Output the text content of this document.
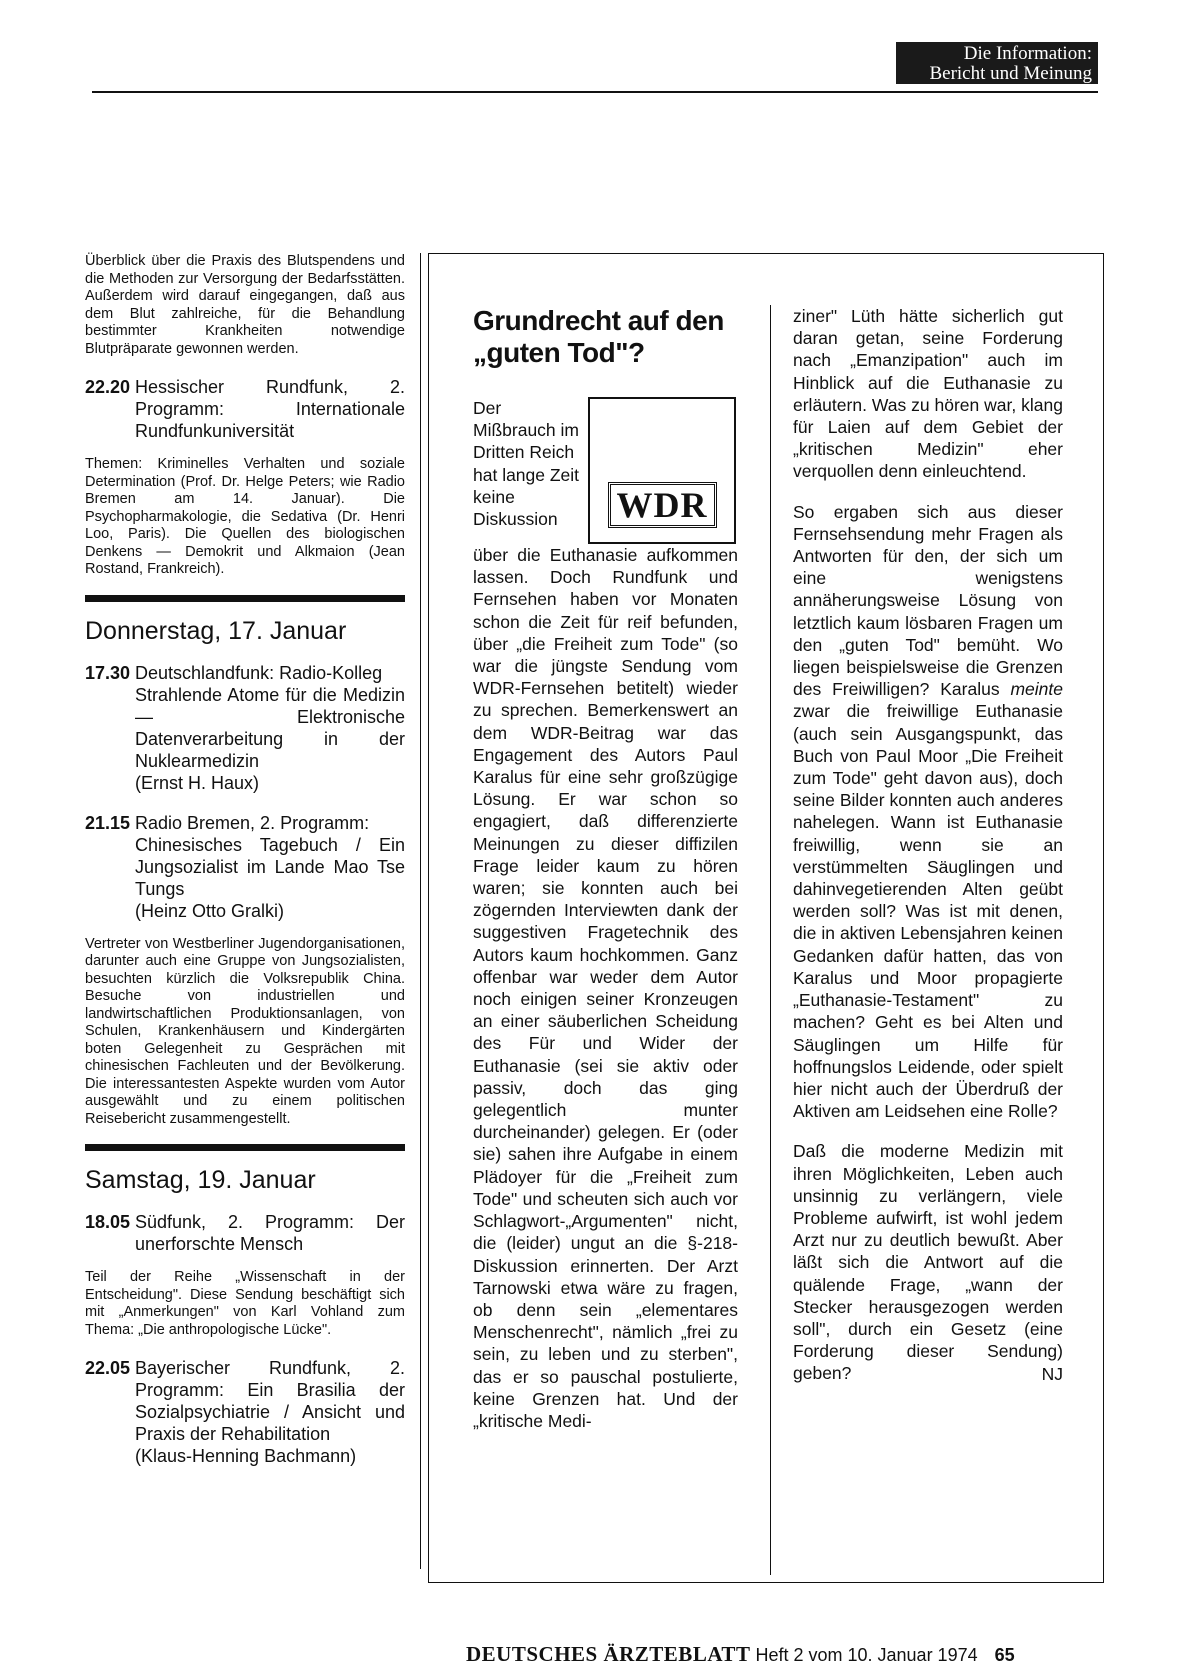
Die Information:
Bericht und Meinung
Überblick über die Praxis des Blutspendens und die Methoden zur Versorgung der Bedarfsstätten. Außerdem wird darauf eingegangen, daß aus dem Blut zahlreiche, für die Behandlung bestimmter Krankheiten notwendige Blutpräparate gewonnen werden.
22.20 Hessischer Rundfunk, 2. Programm: Internationale Rundfunkuniversität
Themen: Kriminelles Verhalten und soziale Determination (Prof. Dr. Helge Peters; wie Radio Bremen am 14. Januar). Die Psychopharmakologie, die Sedativa (Dr. Henri Loo, Paris). Die Quellen des biologischen Denkens — Demokrit und Alkmaion (Jean Rostand, Frankreich).
Donnerstag, 17. Januar
17.30 Deutschlandfunk: Radio-Kolleg
Strahlende Atome für die Medizin — Elektronische Datenverarbeitung in der Nuklearmedizin
(Ernst H. Haux)
21.15 Radio Bremen, 2. Programm:
Chinesisches Tagebuch / Ein Jungsozialist im Lande Mao Tse Tungs
(Heinz Otto Gralki)
Vertreter von Westberliner Jugendorganisationen, darunter auch eine Gruppe von Jungsozialisten, besuchten kürzlich die Volksrepublik China. Besuche von industriellen und landwirtschaftlichen Produktionsanlagen, von Schulen, Krankenhäusern und Kindergärten boten Gelegenheit zu Gesprächen mit chinesischen Fachleuten und der Bevölkerung. Die interessantesten Aspekte wurden vom Autor ausgewählt und zu einem politischen Reisebericht zusammengestellt.
Samstag, 19. Januar
18.05 Südfunk, 2. Programm: Der unerforschte Mensch
Teil der Reihe „Wissenschaft in der Entscheidung". Diese Sendung beschäftigt sich mit „Anmerkungen" von Karl Vohland zum Thema: „Die anthropologische Lücke".
22.05 Bayerischer Rundfunk, 2. Programm: Ein Brasilia der Sozialpsychiatrie / Ansicht und Praxis der Rehabilitation
(Klaus-Henning Bachmann)
Grundrecht auf den „guten Tod"?
Der Mißbrauch im Dritten Reich hat lange Zeit keine Diskussion	WDR
über die Euthanasie aufkommen lassen. Doch Rundfunk und Fernsehen haben vor Monaten schon die Zeit für reif befunden, über „die Freiheit zum Tode" (so war die jüngste Sendung vom WDR-Fernsehen betitelt) wieder zu sprechen. Bemerkenswert an dem WDR-Beitrag war das Engagement des Autors Paul Karalus für eine sehr großzügige Lösung. Er war schon so engagiert, daß differenzierte Meinungen zu dieser diffizilen Frage leider kaum zu hören waren; sie konnten auch bei zögernden Interviewten dank der suggestiven Fragetechnik des Autors kaum hochkommen. Ganz offenbar war weder dem Autor noch einigen seiner Kronzeugen an einer säuberlichen Scheidung des Für und Wider der Euthanasie (sei sie aktiv oder passiv, doch das ging gelegentlich munter durcheinander) gelegen. Er (oder sie) sahen ihre Aufgabe in einem Plädoyer für die „Freiheit zum Tode" und scheuten sich auch vor Schlagwort-„Argumenten" nicht, die (leider) ungut an die §-218-Diskussion erinnerten. Der Arzt Tarnowski etwa wäre zu fragen, ob denn sein „elementares Menschenrecht", nämlich „frei zu sein, zu leben und zu sterben", das er so pauschal postulierte, keine Grenzen hat. Und der „kritische Medi-
ziner" Lüth hätte sicherlich gut daran getan, seine Forderung nach „Emanzipation" auch im Hinblick auf die Euthanasie zu erläutern. Was zu hören war, klang für Laien auf dem Gebiet der „kritischen Medizin" eher verquollen denn einleuchtend.
So ergaben sich aus dieser Fernsehsendung mehr Fragen als Antworten für den, der sich um eine wenigstens annäherungsweise Lösung von letztlich kaum lösbaren Fragen um den „guten Tod" bemüht. Wo liegen beispielsweise die Grenzen des Freiwilligen? Karalus meinte zwar die freiwillige Euthanasie (auch sein Ausgangspunkt, das Buch von Paul Moor „Die Freiheit zum Tode" geht davon aus), doch seine Bilder konnten auch anderes nahelegen. Wann ist Euthanasie freiwillig, wenn sie an verstümmelten Säuglingen und dahinvegetierenden Alten geübt werden soll? Was ist mit denen, die in aktiven Lebensjahren keinen Gedanken dafür hatten, das von Karalus und Moor propagierte „Euthanasie-Testament" zu machen? Geht es bei Alten und Säuglingen um Hilfe für hoffnungslos Leidende, oder spielt hier nicht auch der Überdruß der Aktiven am Leidsehen eine Rolle?
Daß die moderne Medizin mit ihren Möglichkeiten, Leben auch unsinnig zu verlängern, viele Probleme aufwirft, ist wohl jedem Arzt nur zu deutlich bewußt. Aber läßt sich die Antwort auf die quälende Frage, „wann der Stecker herausgezogen werden soll", durch ein Gesetz (eine Forderung dieser Sendung) geben?	NJ
DEUTSCHES ÄRZTEBLATT Heft 2 vom 10. Januar 1974 65
